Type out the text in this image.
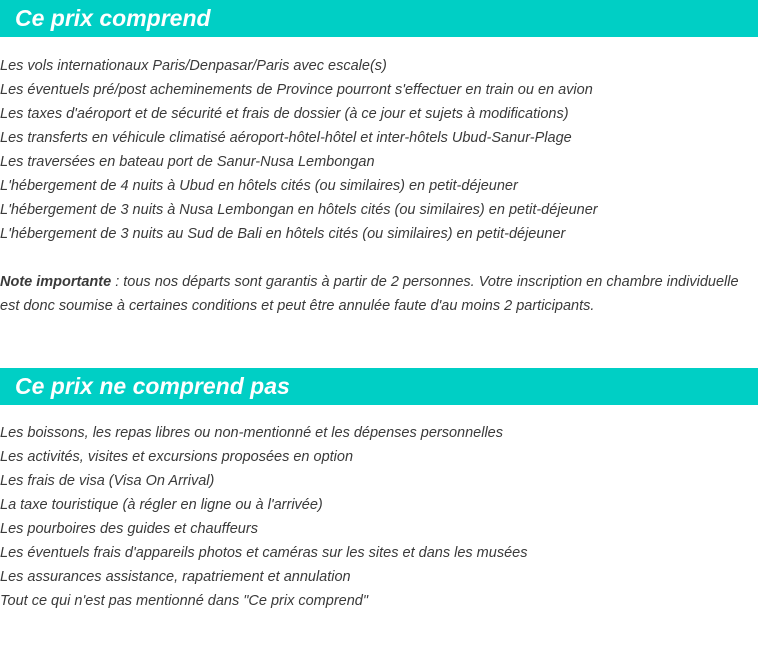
Ce prix comprend
Les vols internationaux Paris/Denpasar/Paris avec escale(s)
Les éventuels pré/post acheminements de Province pourront s'effectuer en train ou en avion
Les taxes d'aéroport et de sécurité et frais de dossier (à ce jour et sujets à modifications)
Les transferts en véhicule climatisé aéroport-hôtel-hôtel et inter-hôtels Ubud-Sanur-Plage
Les traversées en bateau port de Sanur-Nusa Lembongan
L'hébergement de 4 nuits à Ubud en hôtels cités (ou similaires) en petit-déjeuner
L'hébergement de 3 nuits à Nusa Lembongan en hôtels cités (ou similaires) en petit-déjeuner
L'hébergement de 3 nuits au Sud de Bali en hôtels cités (ou similaires) en petit-déjeuner
Note importante : tous nos départs sont garantis à partir de 2 personnes. Votre inscription en chambre individuelle est donc soumise à certaines conditions et peut être annulée faute d'au moins 2 participants.
Ce prix ne comprend pas
Les boissons, les repas libres ou non-mentionné et les dépenses personnelles
Les activités, visites et excursions proposées en option
Les frais de visa (Visa On Arrival)
La taxe touristique (à régler en ligne ou à l'arrivée)
Les pourboires des guides et chauffeurs
Les éventuels frais d'appareils photos et caméras sur les sites et dans les musées
Les assurances assistance, rapatriement et annulation
Tout ce qui n'est pas mentionné dans "Ce prix comprend"
